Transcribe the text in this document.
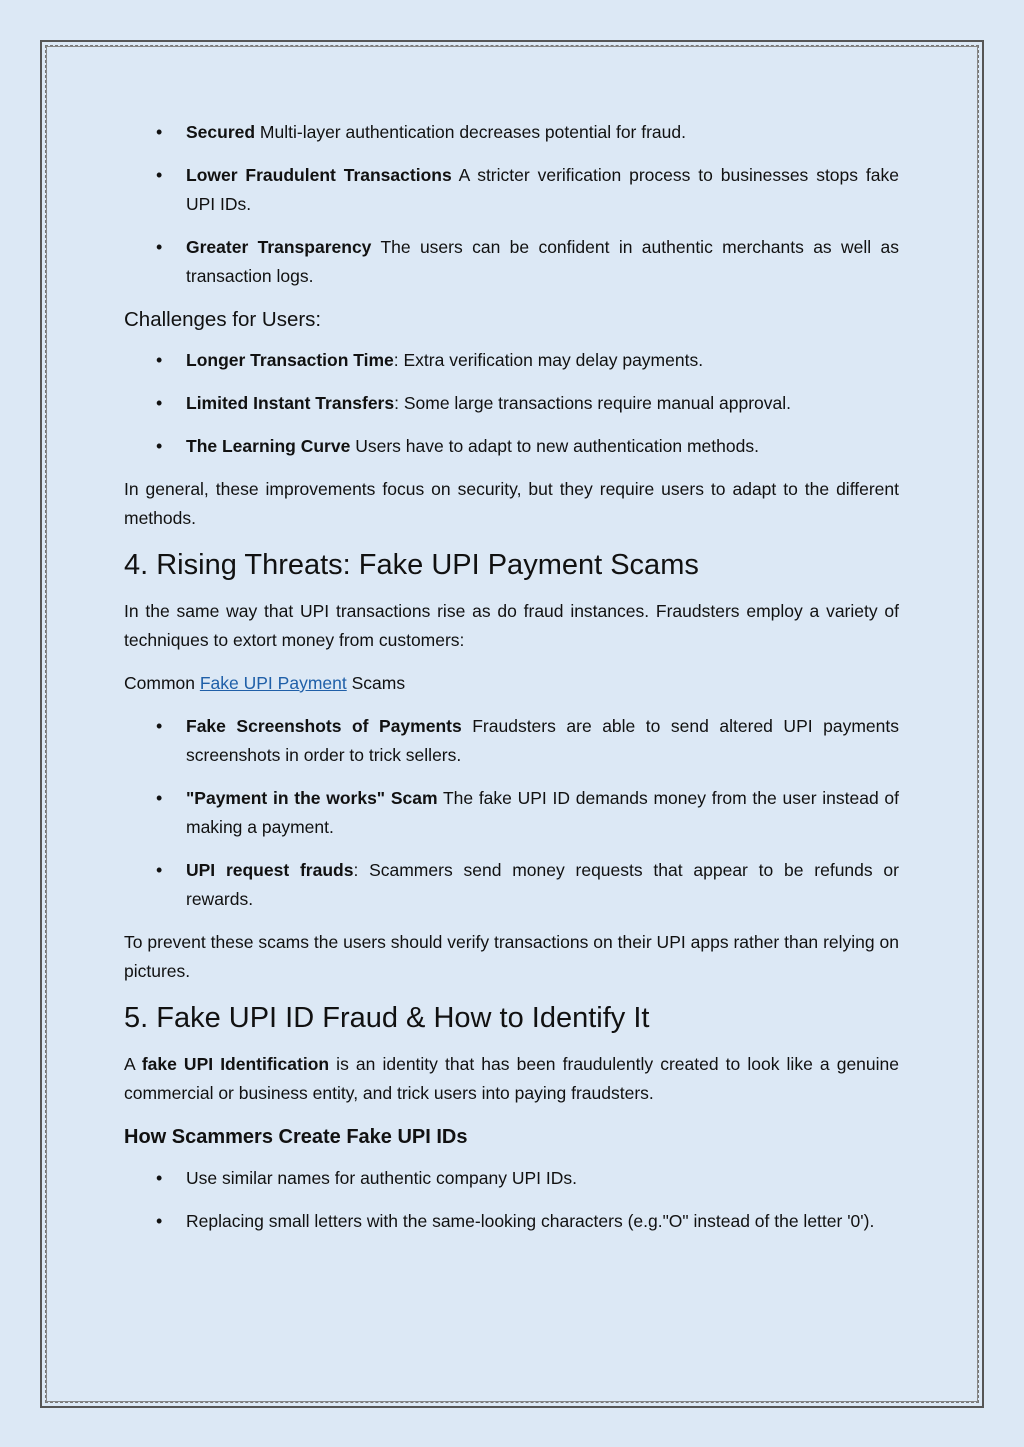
• Secured Multi-layer authentication decreases potential for fraud.
• Lower Fraudulent Transactions A stricter verification process to businesses stops fake UPI IDs.
• Greater Transparency The users can be confident in authentic merchants as well as transaction logs.
Challenges for Users:
• Longer Transaction Time: Extra verification may delay payments.
• Limited Instant Transfers: Some large transactions require manual approval.
• The Learning Curve Users have to adapt to new authentication methods.

In general, these improvements focus on security, but they require users to adapt to the different methods.

4. Rising Threats: Fake UPI Payment Scams

In the same way that UPI transactions rise as do fraud instances. Fraudsters employ a variety of techniques to extort money from customers:

Common Fake UPI Payment Scams

• Fake Screenshots of Payments Fraudsters are able to send altered UPI payments screenshots in order to trick sellers.
• "Payment in the works" Scam The fake UPI ID demands money from the user instead of making a payment.
• UPI request frauds: Scammers send money requests that appear to be refunds or rewards.

To prevent these scams the users should verify transactions on their UPI apps rather than relying on pictures.

5. Fake UPI ID Fraud & How to Identify It

A fake UPI Identification is an identity that has been fraudulently created to look like a genuine commercial or business entity, and trick users into paying fraudsters.

How Scammers Create Fake UPI IDs
• Use similar names for authentic company UPI IDs.
• Replacing small letters with the same-looking characters (e.g."O" instead of the letter '0').
